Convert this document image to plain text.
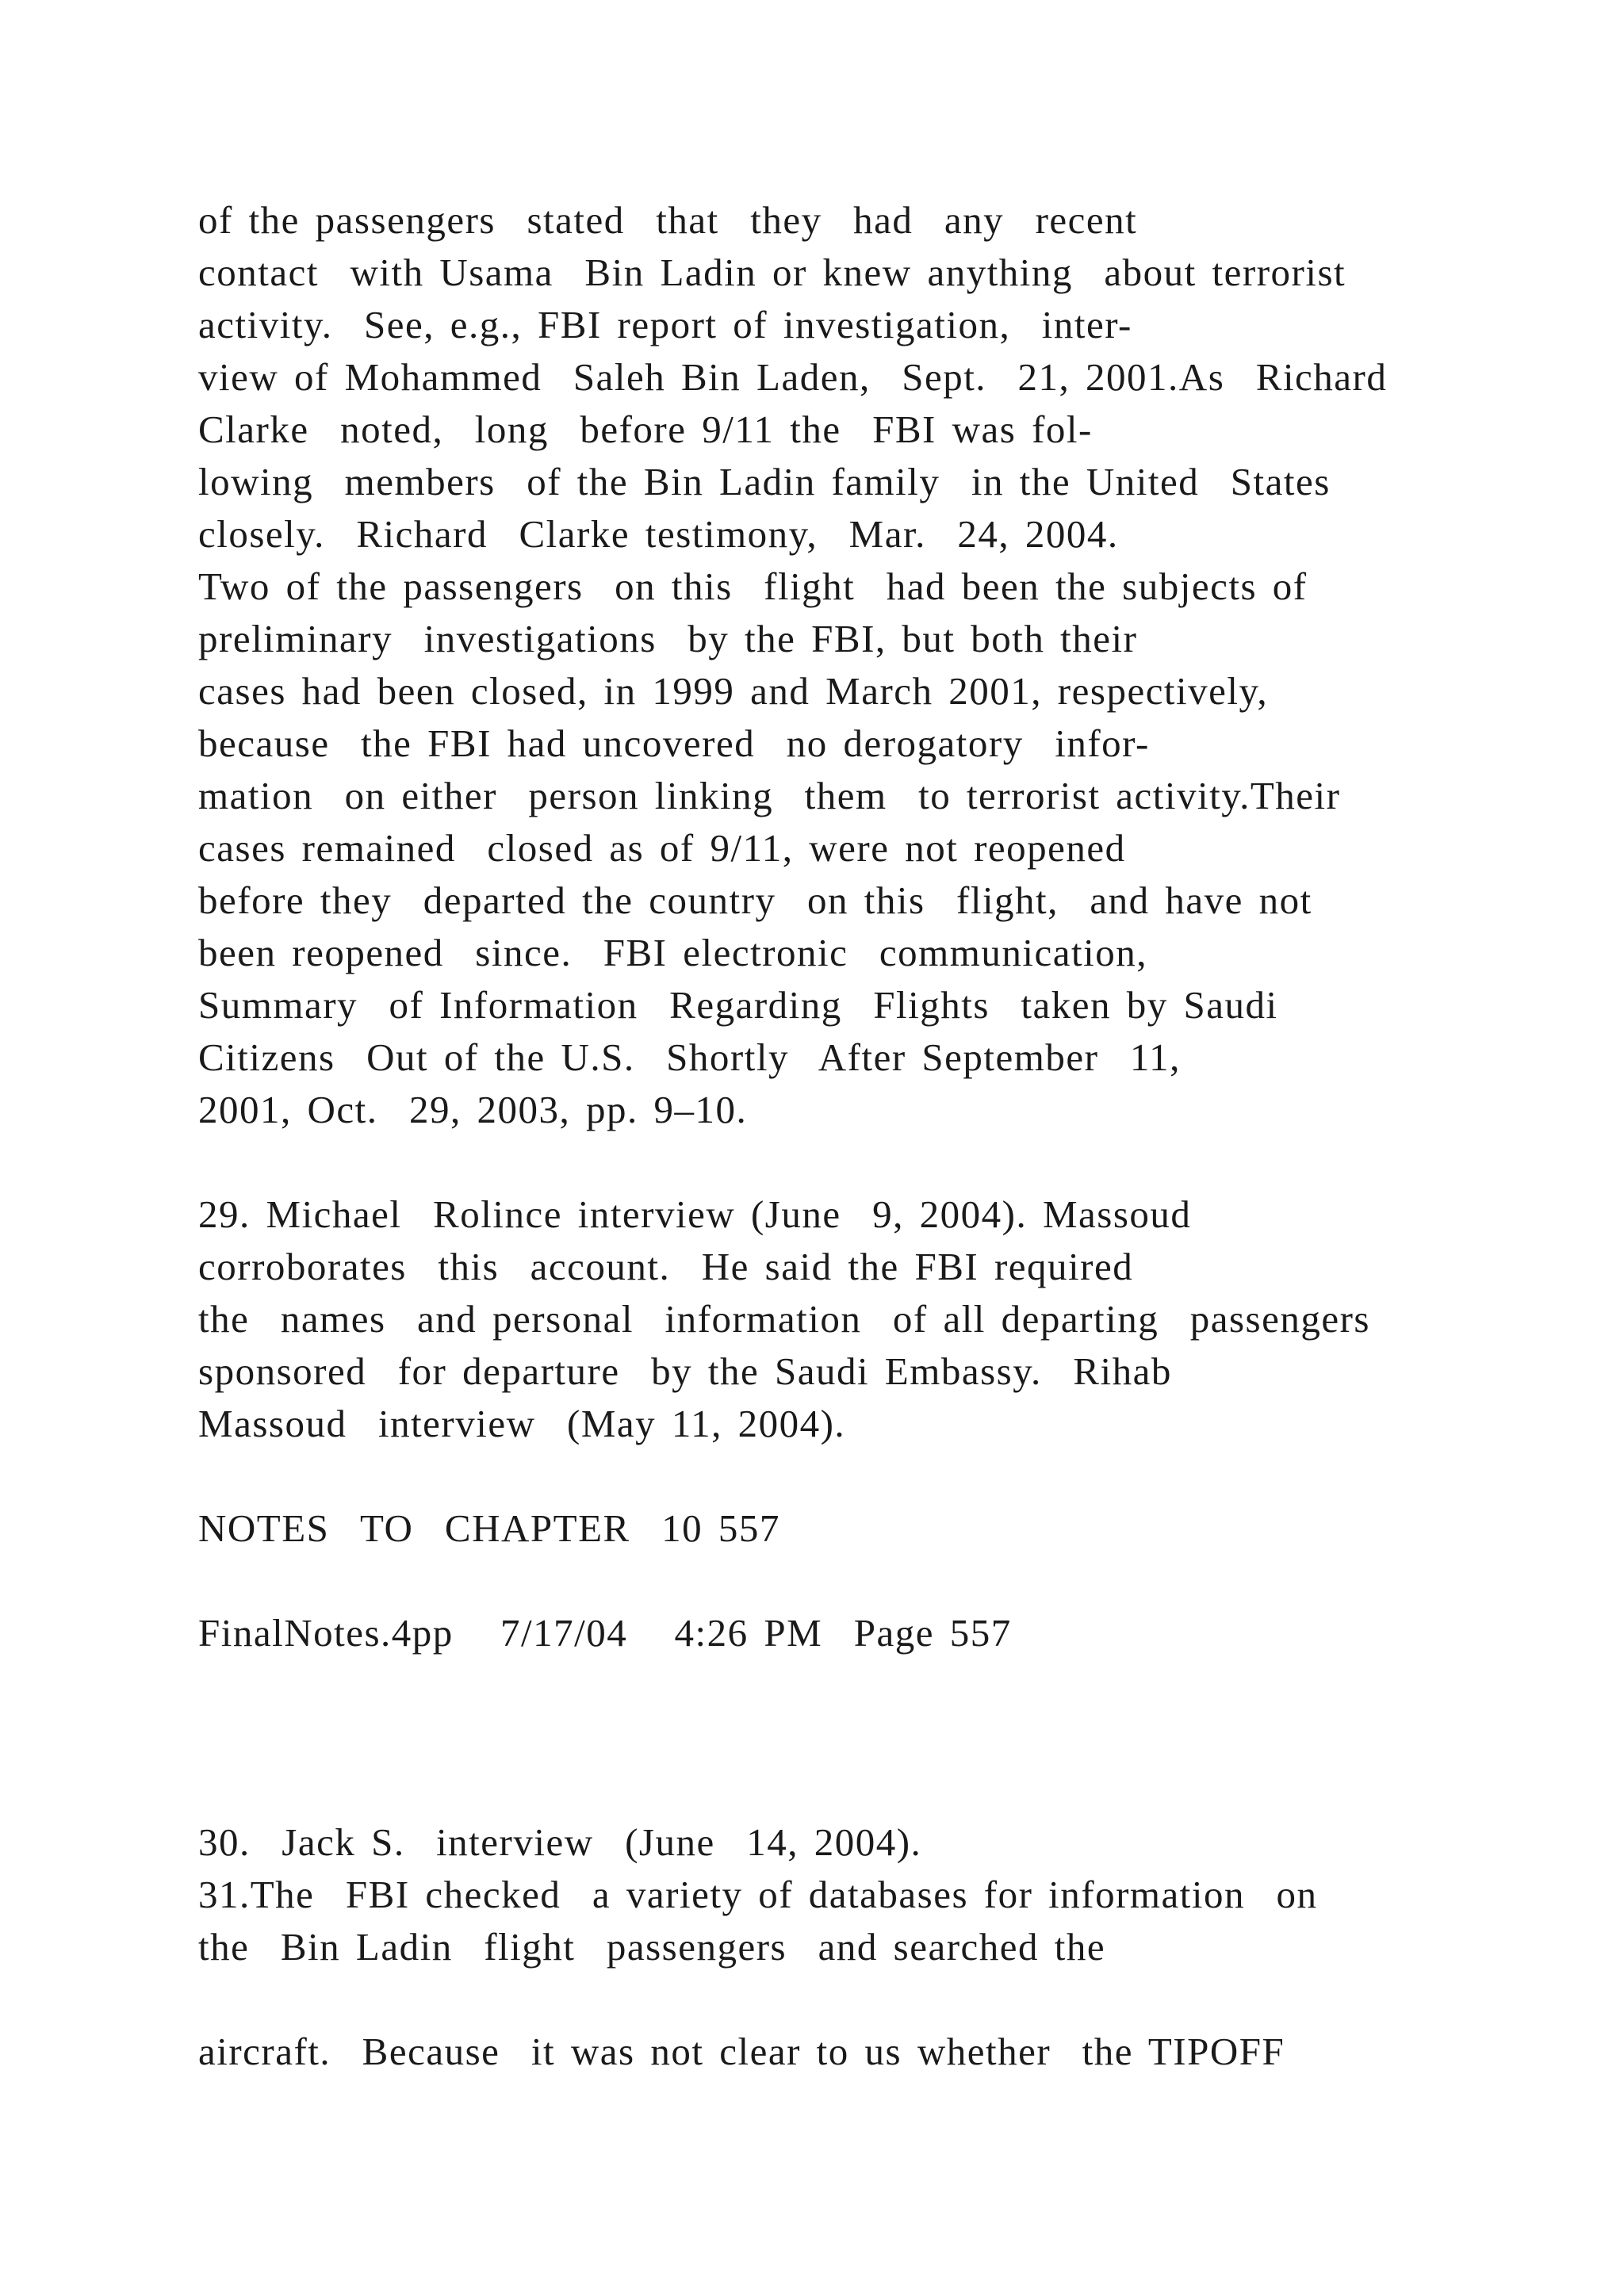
of the passengers  stated  that  they  had  any  recent
contact  with Usama  Bin Ladin or knew anything  about terrorist
activity.  See, e.g., FBI report of investigation,  inter-
view of Mohammed  Saleh Bin Laden,  Sept.  21, 2001.As  Richard
Clarke  noted,  long  before 9/11 the  FBI was fol-
lowing  members  of the Bin Ladin family  in the United  States
closely.  Richard  Clarke testimony,  Mar.  24, 2004.
Two of the passengers  on this  flight  had been the subjects of
preliminary  investigations  by the FBI, but both their
cases had been closed, in 1999 and March 2001, respectively,
because  the FBI had uncovered  no derogatory  infor-
mation  on either  person linking  them  to terrorist activity.Their
cases remained  closed as of 9/11, were not reopened
before they  departed the country  on this  flight,  and have not
been reopened  since.  FBI electronic  communication,
Summary  of Information  Regarding  Flights  taken by Saudi
Citizens  Out of the U.S.  Shortly  After September  11,
2001, Oct.  29, 2003, pp. 9–10.
29. Michael  Rolince interview (June  9, 2004). Massoud
corroborates  this  account.  He said the FBI required
the  names  and personal  information  of all departing  passengers
sponsored  for departure  by the Saudi Embassy.  Rihab
Massoud  interview  (May 11, 2004).
NOTES  TO  CHAPTER  10 557
FinalNotes.4pp   7/17/04   4:26 PM  Page 557
30.  Jack S.  interview  (June  14, 2004).
31.The  FBI checked  a variety of databases for information  on
the  Bin Ladin  flight  passengers  and searched the
aircraft.  Because  it was not clear to us whether  the TIPOFF
